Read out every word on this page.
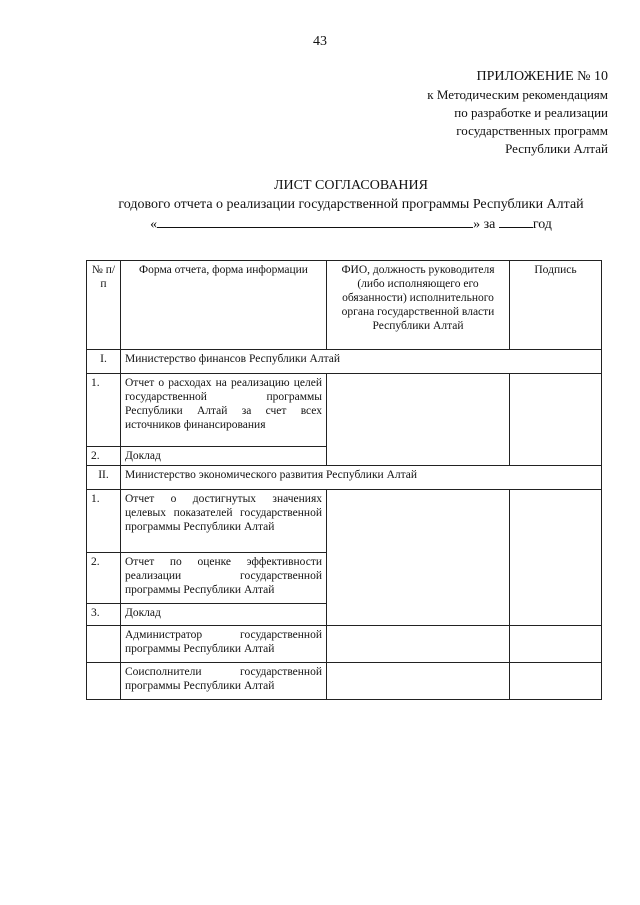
43
ПРИЛОЖЕНИЕ № 10
к Методическим рекомендациям
по разработке и реализации
государственных программ
Республики Алтай
ЛИСТ СОГЛАСОВАНИЯ
годового отчета о реализации государственной программы Республики Алтай
«	» за	год
№ п/п	Форма отчета, форма информации	ФИО, должность руководителя (либо исполняющего его обязанности) исполнительного органа государственной власти Республики Алтай	Подпись
I.	Министерство финансов Республики Алтай		
1.	Отчет о расходах на реализацию целей государственной программы Республики Алтай за счет всех источников финансирования		
2.	Доклад		
II.	Министерство экономического развития Республики Алтай		
1.	Отчет о достигнутых значениях целевых показателей государственной программы Республики Алтай		
2.	Отчет по оценке эффективности реализации государственной программы Республики Алтай		
3.	Доклад		
	Администратор государственной программы Республики Алтай		
	Соисполнители государственной программы Республики Алтай		
